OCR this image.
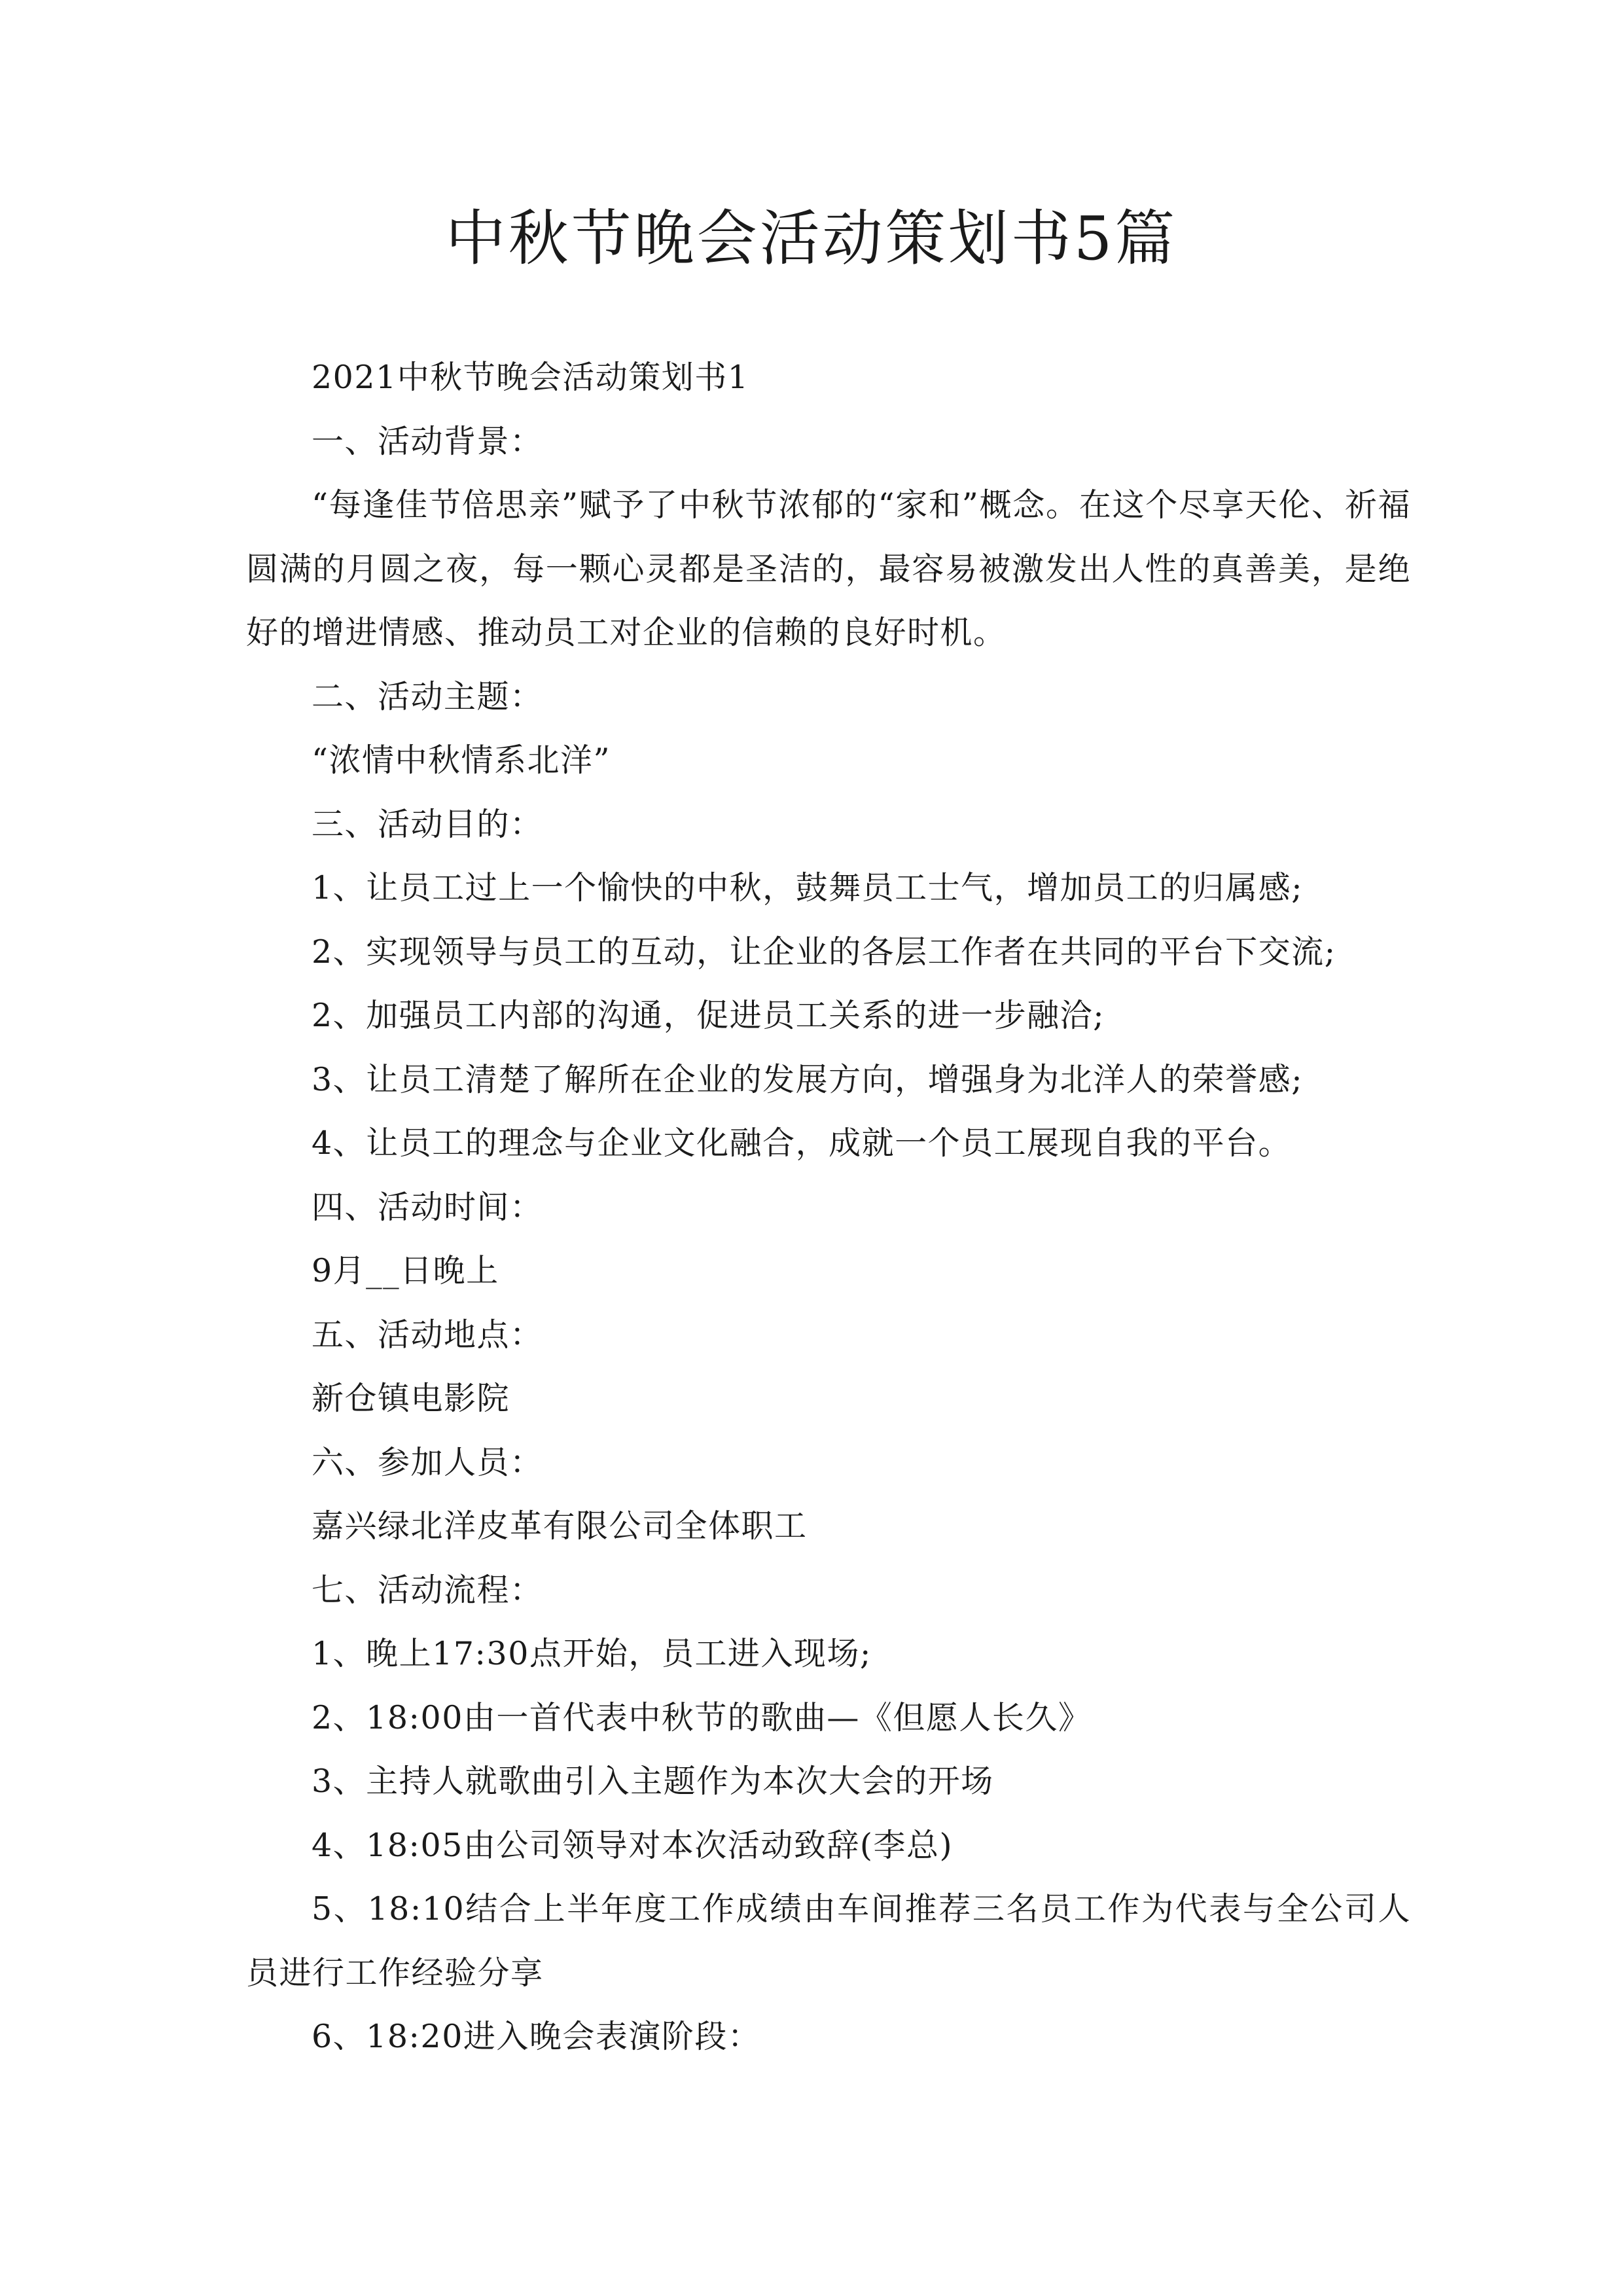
中秋节晚会活动策划书5篇

2021中秋节晚会活动策划书1

一、活动背景：

“每逢佳节倍思亲”赋予了中秋节浓郁的“家和”概念。在这个尽享天伦、祈福圆满的月圆之夜，每一颗心灵都是圣洁的，最容易被激发出人性的真善美，是绝好的增进情感、推动员工对企业的信赖的良好时机。

二、活动主题：

“浓情中秋情系北洋”

三、活动目的：

1、让员工过上一个愉快的中秋，鼓舞员工士气，增加员工的归属感;

2、实现领导与员工的互动，让企业的各层工作者在共同的平台下交流;

2、加强员工内部的沟通，促进员工关系的进一步融洽;

3、让员工清楚了解所在企业的发展方向，增强身为北洋人的荣誉感;

4、让员工的理念与企业文化融合，成就一个员工展现自我的平台。

四、活动时间：

9月__日晚上

五、活动地点：

新仓镇电影院

六、参加人员：

嘉兴绿北洋皮革有限公司全体职工

七、活动流程：

1、晚上17:30点开始，员工进入现场;

2、18:00由一首代表中秋节的歌曲—《但愿人长久》

3、主持人就歌曲引入主题作为本次大会的开场

4、18:05由公司领导对本次活动致辞(李总)

5、18:10结合上半年度工作成绩由车间推荐三名员工作为代表与全公司人员进行工作经验分享

6、18:20进入晚会表演阶段：
